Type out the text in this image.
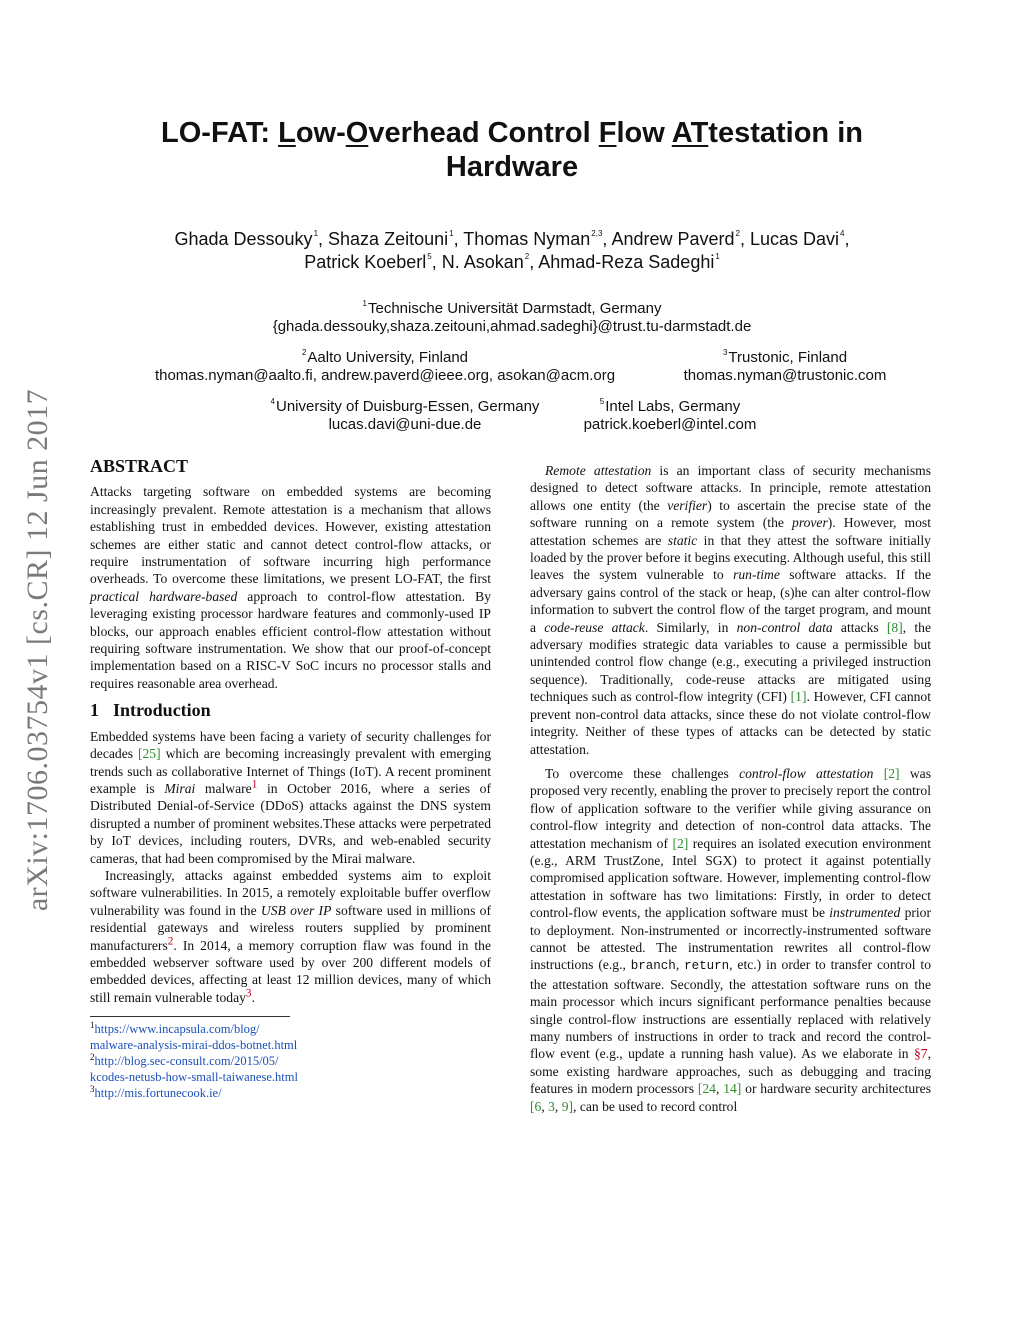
arXiv:1706.03754v1 [cs.CR] 12 Jun 2017
LO-FAT: Low-Overhead Control Flow ATtestation in
Hardware
Ghada Dessouky$^1$, Shaza Zeitouni$^1$, Thomas Nyman$^{2,3}$, Andrew Paverd$^2$, Lucas Davi$^4$,
Patrick Koeberl$^5$, N. Asokan$^2$, Ahmad-Reza Sadeghi$^1$
$^1$Technische Universität Darmstadt, Germany
{ghada.dessouky,shaza.zeitouni,ahmad.sadeghi}@trust.tu-darmstadt.de
$^2$Aalto University, Finland
thomas.nyman@aalto.fi, andrew.paverd@ieee.org, asokan@acm.org
$^3$Trustonic, Finland
thomas.nyman@trustonic.com
$^4$University of Duisburg-Essen, Germany
lucas.davi@uni-due.de
$^5$Intel Labs, Germany
patrick.koeberl@intel.com
ABSTRACT

Attacks targeting software on embedded systems are becoming increasingly prevalent. Remote attestation is a mechanism that allows establishing trust in embedded devices. However, existing attestation schemes are either static and cannot detect control-flow attacks, or require instrumentation of software incurring high performance overheads. To overcome these limitations, we present LO-FAT, the first practical hardware-based approach to control-flow attestation. By leveraging existing processor hardware features and commonly-used IP blocks, our approach enables efficient control-flow attestation without requiring software instrumentation. We show that our proof-of-concept implementation based on a RISC-V SoC incurs no processor stalls and requires reasonable area overhead.

1 Introduction

Embedded systems have been facing a variety of security challenges for decades [25] which are becoming increasingly prevalent with emerging trends such as collaborative Internet of Things (IoT). A recent prominent example is Mirai malware$^1$ in October 2016, where a series of Distributed Denial-of-Service (DDoS) attacks against the DNS system disrupted a number of prominent websites.These attacks were perpetrated by IoT devices, including routers, DVRs, and web-enabled security cameras, that had been compromised by the Mirai malware.

Increasingly, attacks against embedded systems aim to exploit software vulnerabilities. In 2015, a remotely exploitable buffer overflow vulnerability was found in the USB over IP software used in millions of residential gateways and wireless routers supplied by prominent manufacturers$^2$. In 2014, a memory corruption flaw was found in the embedded webserver software used by over 200 different models of embedded devices, affecting at least 12 million devices, many of which still remain vulnerable today$^3$.

$^1$https://www.incapsula.com/blog/
malware-analysis-mirai-ddos-botnet.html
$^2$http://blog.sec-consult.com/2015/05/
kcodes-netusb-how-small-taiwanese.html
$^3$http://mis.fortunecook.ie/

Remote attestation is an important class of security mechanisms designed to detect software attacks. In principle, remote attestation allows one entity (the verifier) to ascertain the precise state of the software running on a remote system (the prover). However, most attestation schemes are static in that they attest the software initially loaded by the prover before it begins executing. Although useful, this still leaves the system vulnerable to run-time software attacks. If the adversary gains control of the stack or heap, (s)he can alter control-flow information to subvert the control flow of the target program, and mount a code-reuse attack. Similarly, in non-control data attacks [8], the adversary modifies strategic data variables to cause a permissible but unintended control flow change (e.g., executing a privileged instruction sequence). Traditionally, code-reuse attacks are mitigated using techniques such as control-flow integrity (CFI) [1]. However, CFI cannot prevent non-control data attacks, since these do not violate control-flow integrity. Neither of these types of attacks can be detected by static attestation.

To overcome these challenges control-flow attestation [2] was proposed very recently, enabling the prover to precisely report the control flow of application software to the verifier while giving assurance on control-flow integrity and detection of non-control data attacks. The attestation mechanism of [2] requires an isolated execution environment (e.g., ARM TrustZone, Intel SGX) to protect it against potentially compromised application software. However, implementing control-flow attestation in software has two limitations: Firstly, in order to detect control-flow events, the application software must be instrumented prior to deployment. Non-instrumented or incorrectly-instrumented software cannot be attested. The instrumentation rewrites all control-flow instructions (e.g., branch, return, etc.) in order to transfer control to the attestation software. Secondly, the attestation software runs on the main processor which incurs significant performance penalties because single control-flow instructions are essentially replaced with relatively many numbers of instructions in order to track and record the control-flow event (e.g., update a running hash value). As we elaborate in §7, some existing hardware approaches, such as debugging and tracing features in modern processors [24, 14] or hardware security architectures [6, 3, 9], can be used to record control
